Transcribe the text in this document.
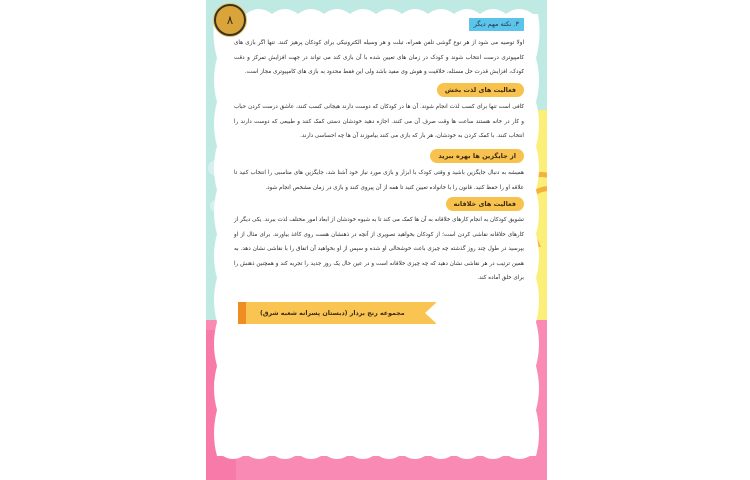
۸	۳. نکته مهم دیگر
اولا توصیه می شود از هر نوع گوشی تلفن همراه، تبلت و هر وسیله الکترونیکی برای کودکان پرهیز کنند. تنها اگر بازی های کامپیوتری درست انتخاب شوند و کودک در زمان های تعیین شده با آن بازی کند می تواند در جهت افزایش تمرکز و دقت کودک، افزایش قدرت حل مسئله، خلاقیت و هوش وی مفید باشد ولی این فقط محدود به بازی های کامپیوتری مجاز است.
فعالیت های لذت بخش
کافی است تنها برای کسب لذت انجام شوند. آن ها در کودکان که دوست دارند هیجانی کسب کنند، عاشق درست کردن حباب و کار در خانه هستند ساعت ها وقت صرف آن می کنند. اجازه دهید خودشان دستی کمک کنند و طبیعی که دوست دارند را انتخاب کنند. با کمک کردن به خودشان، هر بار که بازی می کنند بیاموزند آن ها چه احساسی دارند.
از جایگزین ها بهره ببرید
همیشه به دنبال جایگزین باشید و وقتی کودک با ابزار و بازی مورد نیاز خود آشنا شد، جایگزین های مناسبی را انتخاب کنید تا علاقه او را حفظ کنید. قانون را با خانواده تعیین کنید تا همه از آن پیروی کنند و بازی در زمان مشخص انجام شود.
فعالیت های خلاقانه
تشویق کودکان به انجام کارهای خلاقانه به آن ها کمک می کند تا به شیوه خودشان از ابعاد امور مختلف لذت ببرند. یکی دیگر از کارهای خلاقانه نقاشی کردن است؛ از کودکان بخواهید تصویری از آنچه در ذهنشان هست روی کاغذ بیاورند. برای مثال از او بپرسید در طول چند روز گذشته چه چیزی باعث خوشحالی او شده و سپس از او بخواهید آن اتفاق را با نقاشی نشان دهد. به همین ترتیب در هر نقاشی نشان دهید که چه چیزی خلاقانه است و در عین حال یک روز جدید را تجربه کند و همچنین ذهنش را برای خلق آماده کند.
مجموعه رنج بردار (دبستان پسرانه شعبه شرق)
